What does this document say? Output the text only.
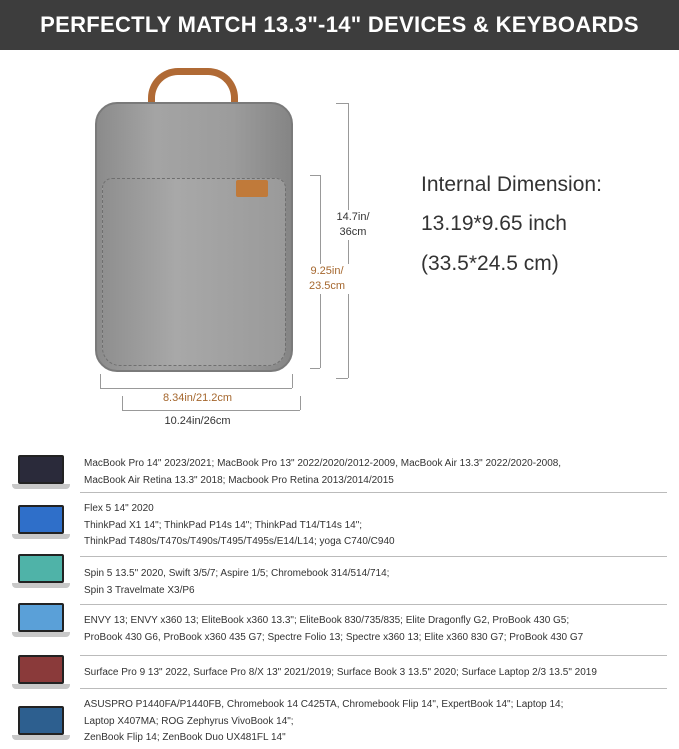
PERFECTLY MATCH 13.3"-14" DEVICES & KEYBOARDS
14.7in/
36cm
9.25in/
23.5cm
8.34in/21.2cm
10.24in/26cm
Internal Dimension:
13.19*9.65 inch
(33.5*24.5 cm)
MacBook Pro 14" 2023/2021; MacBook Pro 13" 2022/2020/2012-2009, MacBook Air 13.3" 2022/2020-2008,
MacBook Air Retina 13.3" 2018; Macbook Pro Retina 2013/2014/2015
Flex 5 14" 2020
ThinkPad X1 14"; ThinkPad P14s 14"; ThinkPad T14/T14s 14";
ThinkPad T480s/T470s/T490s/T495/T495s/E14/L14; yoga C740/C940
Spin 5 13.5" 2020, Swift 3/5/7; Aspire 1/5; Chromebook 314/514/714;
Spin 3 Travelmate X3/P6
ENVY 13; ENVY x360 13; EliteBook x360 13.3"; EliteBook 830/735/835; Elite Dragonfly G2, ProBook 430 G5;
ProBook 430 G6, ProBook x360 435 G7; Spectre Folio 13; Spectre x360 13; Elite x360 830 G7; ProBook 430 G7
Surface Pro 9 13" 2022, Surface Pro 8/X 13" 2021/2019; Surface Book 3 13.5" 2020; Surface Laptop 2/3 13.5" 2019
ASUSPRO P1440FA/P1440FB, Chromebook 14 C425TA, Chromebook Flip 14", ExpertBook 14"; Laptop 14;
Laptop X407MA; ROG Zephyrus VivoBook 14";
ZenBook Flip 14; ZenBook Duo UX481FL 14"
